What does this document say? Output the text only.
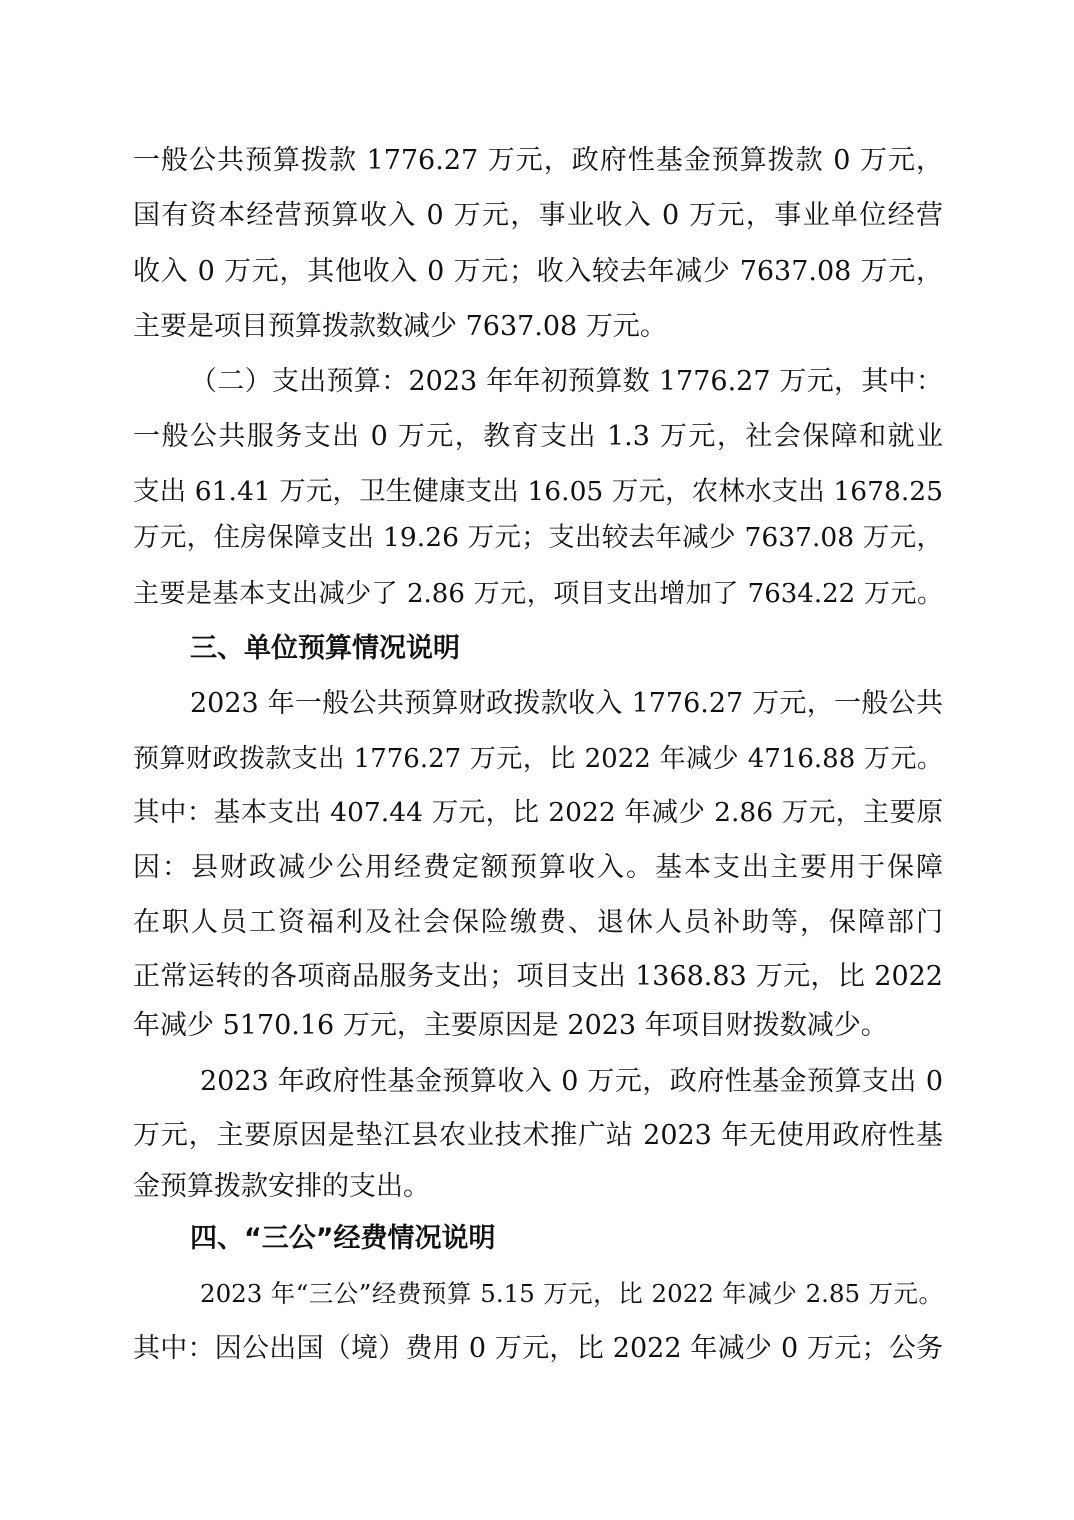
一般公共预算拨款 1776.27 万元，政府性基金预算拨款 0 万元，
国有资本经营预算收入 0 万元，事业收入 0 万元，事业单位经营
收入 0 万元，其他收入 0 万元；收入较去年减少 7637.08 万元，
主要是项目预算拨款数减少 7637.08 万元。
（二）支出预算：2023 年年初预算数 1776.27 万元，其中：
一般公共服务支出 0 万元，教育支出 1.3 万元，社会保障和就业
支出 61.41 万元，卫生健康支出 16.05 万元，农林水支出 1678.25
万元，住房保障支出 19.26 万元；支出较去年减少 7637.08 万元，
主要是基本支出减少了 2.86 万元，项目支出增加了 7634.22 万元。
三、单位预算情况说明
2023 年一般公共预算财政拨款收入 1776.27 万元，一般公共
预算财政拨款支出 1776.27 万元，比 2022 年减少 4716.88 万元。
其中：基本支出 407.44 万元，比 2022 年减少 2.86 万元，主要原
因：县财政减少公用经费定额预算收入。基本支出主要用于保障
在职人员工资福利及社会保险缴费、退休人员补助等，保障部门
正常运转的各项商品服务支出；项目支出 1368.83 万元，比 2022
年减少 5170.16 万元，主要原因是 2023 年项目财拨数减少。
2023 年政府性基金预算收入 0 万元，政府性基金预算支出 0
万元，主要原因是垫江县农业技术推广站 2023 年无使用政府性基
金预算拨款安排的支出。
四、“三公”经费情况说明
2023 年“三公”经费预算 5.15 万元，比 2022 年减少 2.85 万元。
其中：因公出国（境）费用 0 万元，比 2022 年减少 0 万元；公务
